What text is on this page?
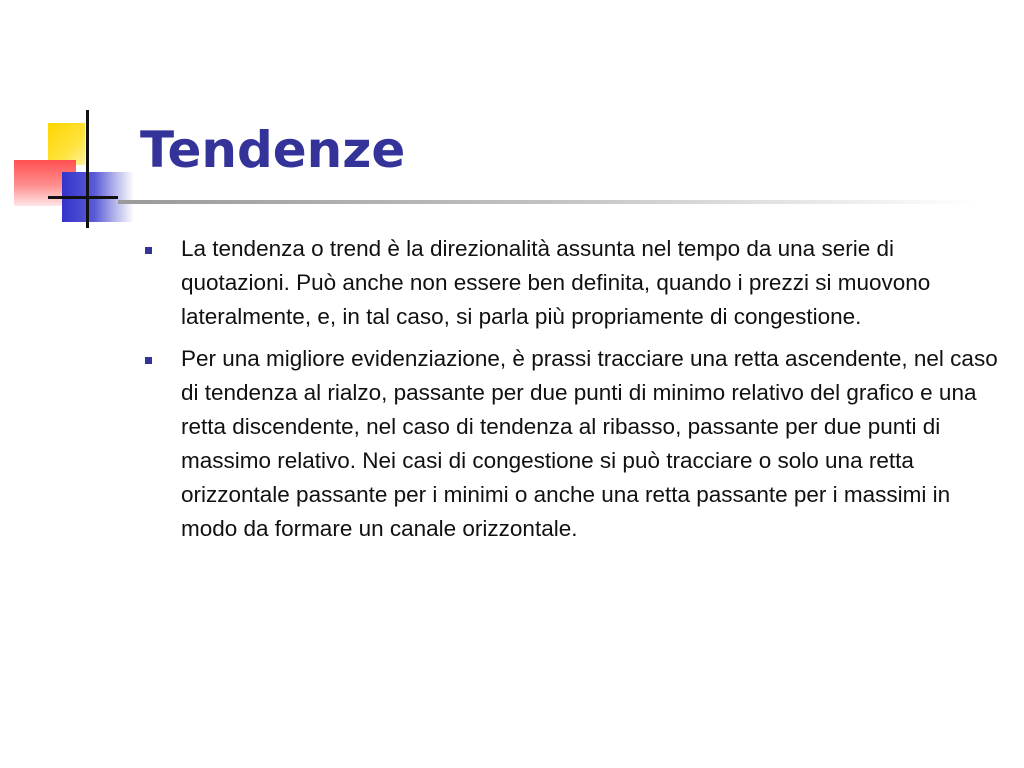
Tendenze
La tendenza o trend è la direzionalità assunta nel tempo da una serie di quotazioni. Può anche non essere ben definita, quando i prezzi si muovono lateralmente, e, in tal caso, si parla più propriamente di congestione.
Per una migliore evidenziazione, è prassi tracciare una retta ascendente, nel caso di tendenza al rialzo, passante per due punti di minimo relativo del grafico e una retta discendente, nel caso di tendenza al ribasso, passante per due punti di massimo relativo. Nei casi di congestione si può tracciare o solo una retta orizzontale passante per i minimi o anche una retta passante per i massimi in modo da formare un canale orizzontale.
